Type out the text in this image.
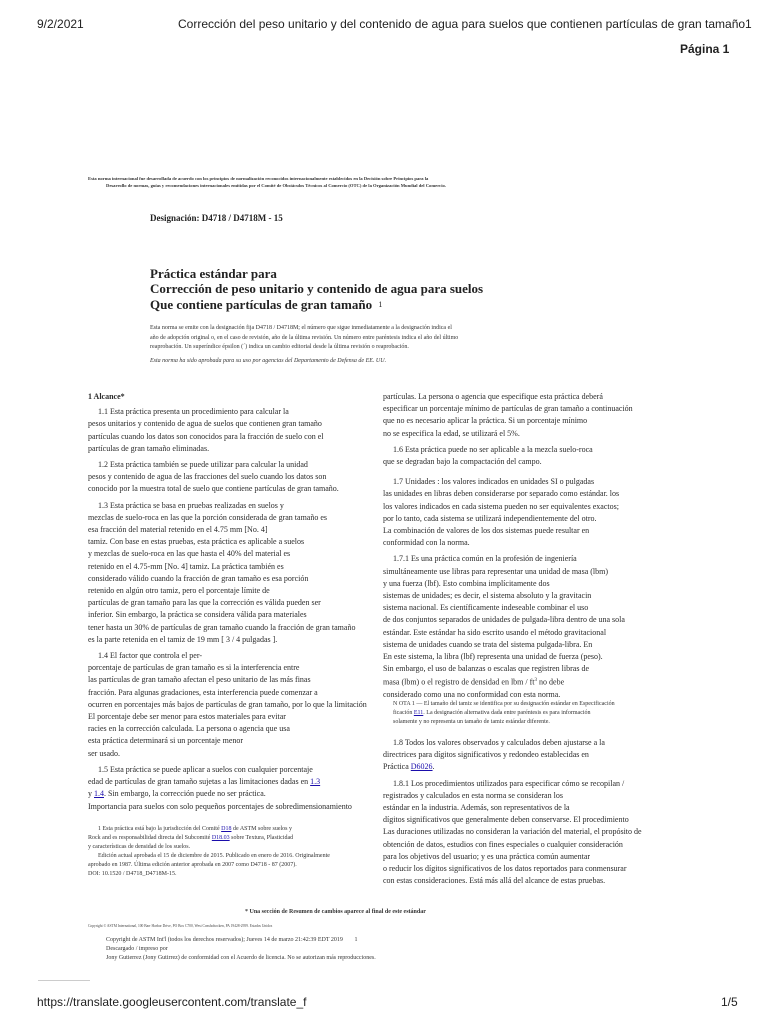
9/2/2021	Corrección del peso unitario y del contenido de agua para suelos que contienen partículas de gran tamaño1
Página 1
Esta norma internacional fue desarrollada de acuerdo con los principios de normalización reconocidos internacionalmente establecidos en la Decisión sobre Principios para la
Desarrollo de normas, guías y recomendaciones internacionales emitidas por el Comité de Obstáculos Técnicos al Comercio (OTC) de la Organización Mundial del Comercio.
Designación: D4718 / D4718M - 15
Práctica estándar para
Corrección de peso unitario y contenido de agua para suelos
Que contiene partículas de gran tamaño $^1$
Esta norma se emite con la designación fija D4718 / D4718M; el número que sigue inmediatamente a la designación indica el
año de adopción original o, en el caso de revisión, año de la última revisión. Un número entre paréntesis indica el año del último
reaprobación. Un superíndice épsilon (´) indica un cambio editorial desde la última revisión o reaprobación.
Esta norma ha sido aprobada para su uso por agencias del Departamento de Defensa de EE. UU.
1 Alcance*
1.1 Esta práctica presenta un procedimiento para calcular la
pesos unitarios y contenido de agua de suelos que contienen gran tamaño
partículas cuando los datos son conocidos para la fracción de suelo con el
partículas de gran tamaño eliminadas.
1.2 Esta práctica también se puede utilizar para calcular la unidad
pesos y contenido de agua de las fracciones del suelo cuando los datos son
conocido por la muestra total de suelo que contiene partículas de gran tamaño.
1.3 Esta práctica se basa en pruebas realizadas en suelos y
mezclas de suelo-roca en las que la porción considerada de gran tamaño es
esa fracción del material retenido en el 4.75 mm [No. 4]
tamiz. Con base en estas pruebas, esta práctica es aplicable a suelos
y mezclas de suelo-roca en las que hasta el 40% del material es
retenido en el 4.75-mm [No. 4] tamiz. La práctica también es
considerado válido cuando la fracción de gran tamaño es esa porción
retenido en algún otro tamiz, pero el porcentaje límite de
partículas de gran tamaño para las que la corrección es válida pueden ser
inferior. Sin embargo, la práctica se considera válida para materiales
tener hasta un 30% de partículas de gran tamaño cuando la fracción de gran tamaño
es la parte retenida en el tamiz de 19 mm [ 3 / 4 pulgadas ].
1.4 El factor que controla el per-
porcentaje de partículas de gran tamaño es si la interferencia entre
las partículas de gran tamaño afectan el peso unitario de las más finas
fracción. Para algunas gradaciones, esta interferencia puede comenzar a
ocurren en porcentajes más bajos de partículas de gran tamaño, por lo que la limitación
El porcentaje debe ser menor para estos materiales para evitar
racies en la corrección calculada. La persona o agencia que usa
esta práctica determinará si un porcentaje menor
ser usado.
1.5 Esta práctica se puede aplicar a suelos con cualquier porcentaje
edad de partículas de gran tamaño sujetas a las limitaciones dadas en 1.3
y 1.4. Sin embargo, la corrección puede no ser práctica.
Importancia para suelos con solo pequeños porcentajes de sobredimensionamiento
partículas. La persona o agencia que especifique esta práctica deberá
especificar un porcentaje mínimo de partículas de gran tamaño a continuación
que no es necesario aplicar la práctica. Si un porcentaje mínimo
no se especifica la edad, se utilizará el 5%.
1.6 Esta práctica puede no ser aplicable a la mezcla suelo-roca
que se degradan bajo la compactación del campo.
1.7 Unidades : los valores indicados en unidades SI o pulgadas
las unidades en libras deben considerarse por separado como estándar. los
los valores indicados en cada sistema pueden no ser equivalentes exactos;
por lo tanto, cada sistema se utilizará independientemente del otro.
La combinación de valores de los dos sistemas puede resultar en
conformidad con la norma.
1.7.1 Es una práctica común en la profesión de ingeniería
simultáneamente use libras para representar una unidad de masa (lbm)
y una fuerza (lbf). Esto combina implícitamente dos
sistemas de unidades; es decir, el sistema absoluto y la gravitacin
sistema nacional. Es científicamente indeseable combinar el uso
de dos conjuntos separados de unidades de pulgada-libra dentro de una sola
estándar. Este estándar ha sido escrito usando el método gravitacional
sistema de unidades cuando se trata del sistema pulgada-libra. En
En este sistema, la libra (lbf) representa una unidad de fuerza (peso).
Sin embargo, el uso de balanzas o escalas que registren libras de
masa (lbm) o el registro de densidad en lbm / $ft^3$ no debe
considerado como una no conformidad con esta norma.
N OTA 1 — El tamaño del tamiz se identifica por su designación estándar en Especificación
ficación E11. La designación alternativa dada entre paréntesis es para información
solamente y no representa un tamaño de tamiz estándar diferente.
1.8 Todos los valores observados y calculados deben ajustarse a la
directrices para dígitos significativos y redondeo establecidas en
Práctica D6026.
1.8.1 Los procedimientos utilizados para especificar cómo se recopilan /
registrados y calculados en esta norma se consideran los
estándar en la industria. Además, son representativos de la
dígitos significativos que generalmente deben conservarse. El procedimiento
Las duraciones utilizadas no consideran la variación del material, el propósito de
obtención de datos, estudios con fines especiales o cualquier consideración
para los objetivos del usuario; y es una práctica común aumentar
o reducir los dígitos significativos de los datos reportados para conmensurar
con estas consideraciones. Está más allá del alcance de estas pruebas.
1 Esta práctica está bajo la jurisdicción del Comité D18 de ASTM sobre suelos y
Rock and es responsabilidad directa del Subcomité D18.03 sobre Textura, Plasticidad
y características de densidad de los suelos.
Edición actual aprobada el 15 de diciembre de 2015. Publicado en enero de 2016. Originalmente
aprobado en 1987. Última edición anterior aprobada en 2007 como D4718 - 87 (2007).
DOI: 10.1520 / D4718_D4718M-15.
* Una sección de Resumen de cambios aparece al final de este estándar
Copyright © ASTM International, 100 Barr Harbor Drive, PO Box C700, West Conshohocken, PA 19428-2959. Estados Unidos
Copyright de ASTM Int'l (todos los derechos reservados); Jueves 14 de marzo 21:42:39 EDT 2019 1
Descargado / impreso por
Jony Gutierrez (Jony Gutirrez) de conformidad con el Acuerdo de licencia. No se autorizan más reproducciones.
https://translate.googleusercontent.com/translate_f	1/5
